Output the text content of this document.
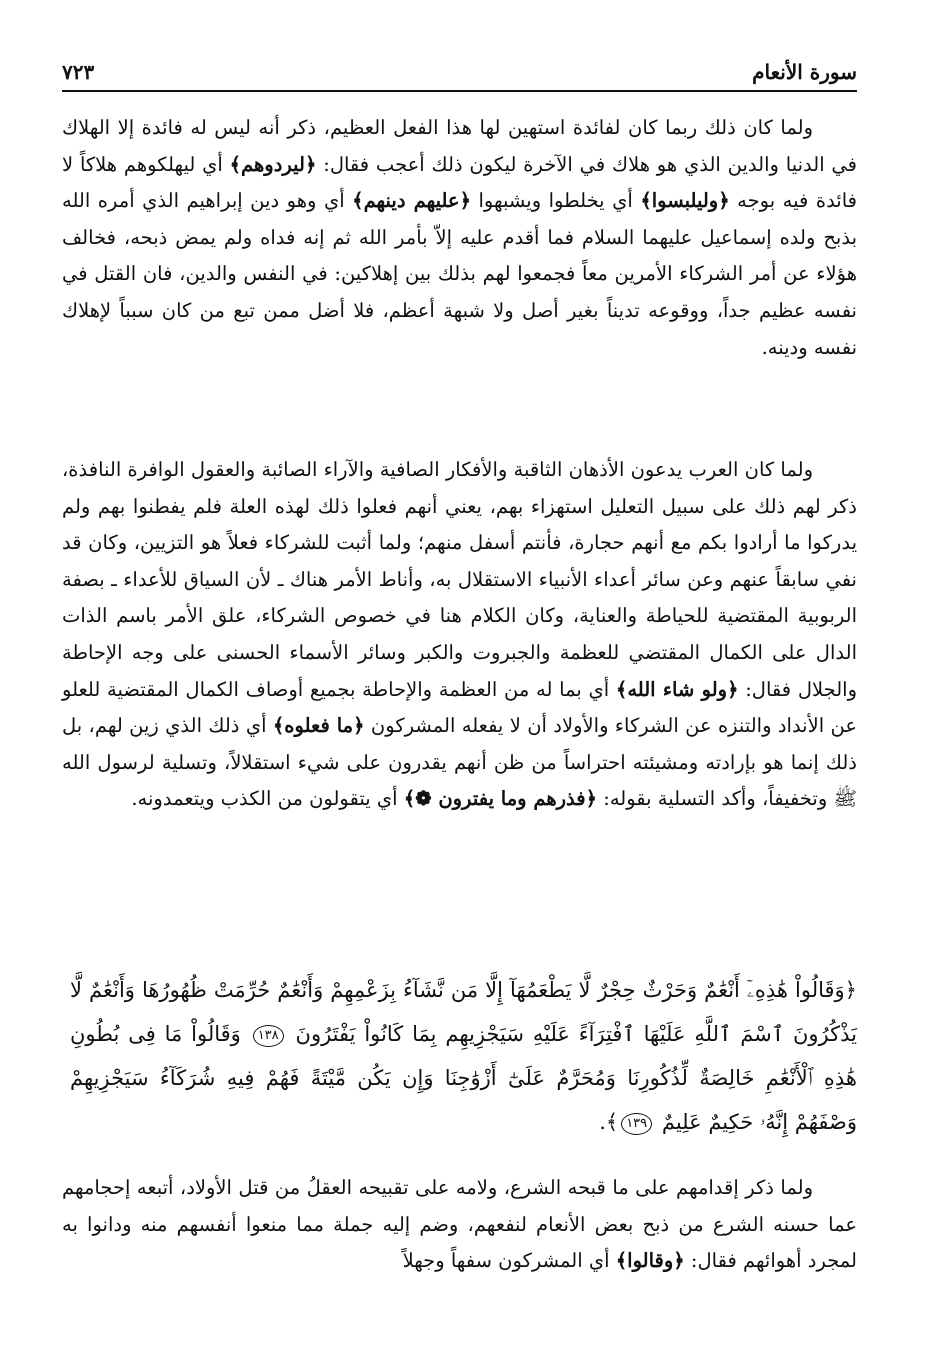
سورة الأنعام
٧٢٣

ولما كان ذلك ربما كان لفائدة استهين لها هذا الفعل العظيم، ذكر أنه ليس له فائدة إلا الهلاك في الدنيا والدين الذي هو هلاك في الآخرة ليكون ذلك أعجب فقال: ﴿ليردوهم﴾ أي ليهلكوهم هلاكاً لا فائدة فيه بوجه ﴿وليلبسوا﴾ أي يخلطوا ويشبهوا ﴿عليهم دينهم﴾ أي وهو دين إبراهيم الذي أمره الله بذبح ولده إسماعيل عليهما السلام فما أقدم عليه إلاّ بأمر الله ثم إنه فداه ولم يمض ذبحه، فخالف هؤلاء عن أمر الشركاء الأمرين معاً فجمعوا لهم بذلك بين إهلاكين: في النفس والدين، فان القتل في نفسه عظيم جداً، ووقوعه تديناً بغير أصل ولا شبهة أعظم، فلا أضل ممن تبع من كان سبباً لإهلاك نفسه ودينه.

ولما كان العرب يدعون الأذهان الثاقبة والأفكار الصافية والآراء الصائبة والعقول الوافرة النافذة، ذكر لهم ذلك على سبيل التعليل استهزاء بهم، يعني أنهم فعلوا ذلك لهذه العلة فلم يفطنوا بهم ولم يدركوا ما أرادوا بكم مع أنهم حجارة، فأنتم أسفل منهم؛ ولما أثبت للشركاء فعلاً هو التزيين، وكان قد نفي سابقاً عنهم وعن سائر أعداء الأنبياء الاستقلال به، وأناط الأمر هناك ـ لأن السياق للأعداء ـ بصفة الربوبية المقتضية للحياطة والعناية، وكان الكلام هنا في خصوص الشركاء، علق الأمر باسم الذات الدال على الكمال المقتضي للعظمة والجبروت والكبر وسائر الأسماء الحسنى على وجه الإحاطة والجلال فقال: ﴿ولو شاء الله﴾ أي بما له من العظمة والإحاطة بجميع أوصاف الكمال المقتضية للعلو عن الأنداد والتنزه عن الشركاء والأولاد أن لا يفعله المشركون ﴿ما فعلوه﴾ أي ذلك الذي زين لهم، بل ذلك إنما هو بإرادته ومشيئته احتراساً من ظن أنهم يقدرون على شيء استقلالاً، وتسلية لرسول الله ﷺ وتخفيفاً، وأكد التسلية بقوله: ﴿فذرهم وما يفترون ❁﴾ أي يتقولون من الكذب ويتعمدونه.

﴿وَقَالُواْ هَٰذِهِۦٓ أَنْعَٰمٌ وَحَرْثٌ حِجْرٌ لَّا يَطْعَمُهَآ إِلَّا مَن نَّشَآءُ بِزَعْمِهِمْ وَأَنْعَٰمٌ حُرِّمَتْ ظُهُورُهَا وَأَنْعَٰمٌ لَّا يَذْكُرُونَ ٱسْمَ ٱللَّهِ عَلَيْهَا ٱفْتِرَآءً عَلَيْهِ سَيَجْزِيهِم بِمَا كَانُواْ يَفْتَرُونَ ١٣٨ وَقَالُواْ مَا فِى بُطُونِ هَٰذِهِ ٱلْأَنْعَٰمِ خَالِصَةٌ لِّذُكُورِنَا وَمُحَرَّمٌ عَلَىٰٓ أَزْوَٰجِنَا وَإِن يَكُن مَّيْتَةً فَهُمْ فِيهِ شُرَكَآءُ سَيَجْزِيهِمْ وَصْفَهُمْ إِنَّهُۥ حَكِيمٌ عَلِيمٌ ١٣٩﴾.

ولما ذكر إقدامهم على ما قبحه الشرع، ولامه على تقبيحه العقلُ من قتل الأولاد، أتبعه إحجامهم عما حسنه الشرع من ذبح بعض الأنعام لنفعهم، وضم إليه جملة مما منعوا أنفسهم منه ودانوا به لمجرد أهوائهم فقال: ﴿وقالوا﴾ أي المشركون سفهاً وجهلاً
